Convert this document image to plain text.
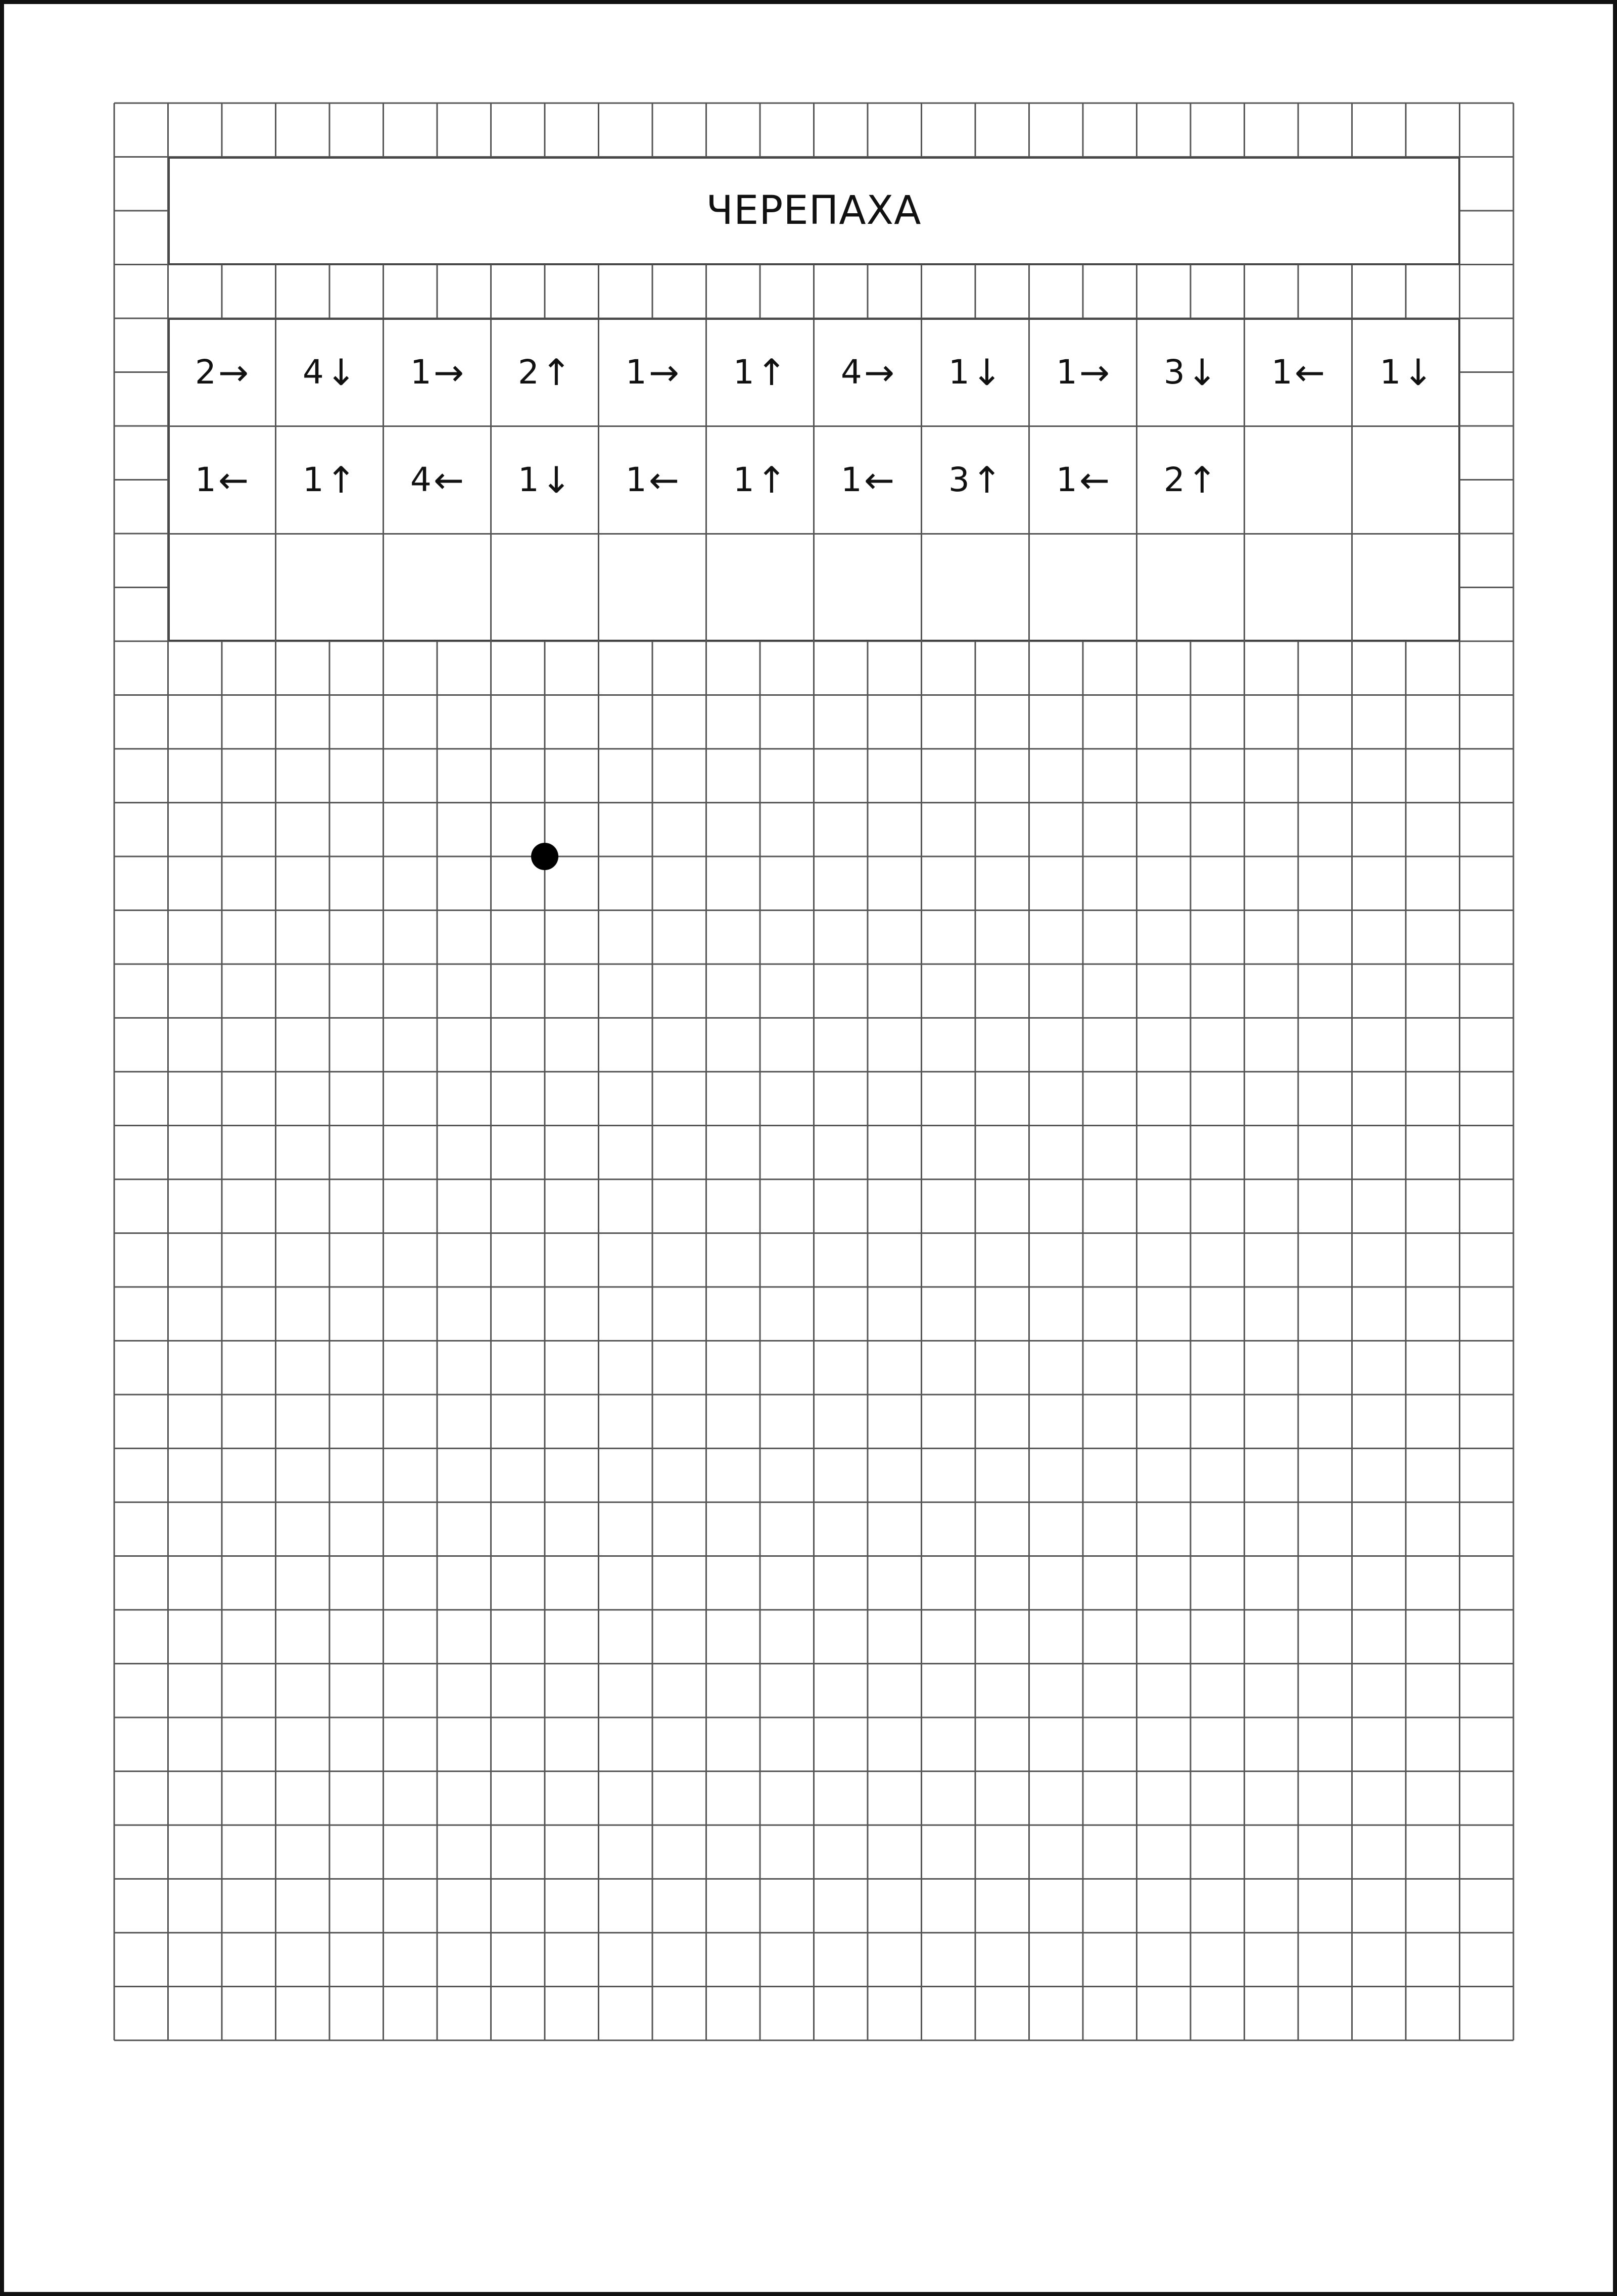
ЧЕРЕПАХА
2 → 4 ↓ 1 → 2 ↑ 1 → 1 ↑ 4 → 1 ↓ 1 → 3 ↓ 1 ← 1 ↓
1 ← 1 ↑ 4 ← 1 ↓ 1 ← 1 ↑ 1 ← 3 ↑ 1 ← 2 ↑
